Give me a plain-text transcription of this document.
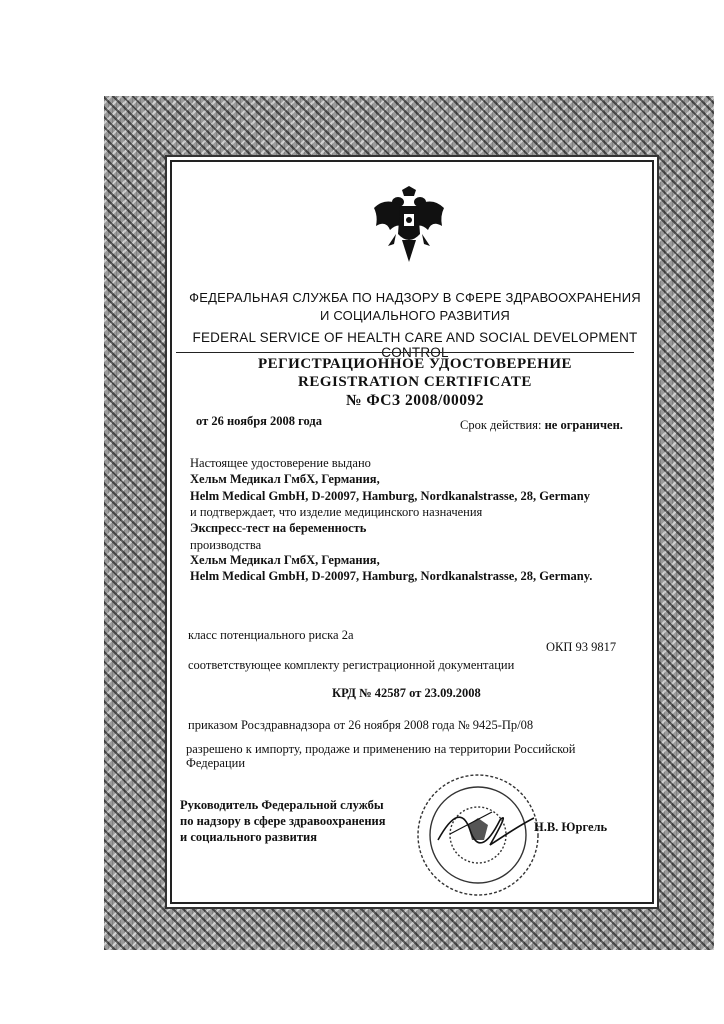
ФЕДЕРАЛЬНАЯ СЛУЖБА ПО НАДЗОРУ В СФЕРЕ ЗДРАВООХРАНЕНИЯ
И СОЦИАЛЬНОГО РАЗВИТИЯ
FEDERAL SERVICE OF HEALTH CARE AND SOCIAL DEVELOPMENT CONTROL
РЕГИСТРАЦИОННОЕ УДОСТОВЕРЕНИЕ
REGISTRATION CERTIFICATE
№ ФСЗ 2008/00092
от 26 ноября 2008 года	Срок действия: не ограничен.
Настоящее удостоверение выдано
Хельм Медикал ГмбХ, Германия,
Helm Medical GmbH, D-20097, Hamburg, Nordkanalstrasse, 28, Germany
и подтверждает, что изделие медицинского назначения
Экспресс-тест на беременность
производства
Хельм Медикал ГмбХ, Германия,
Helm Medical GmbH, D-20097, Hamburg, Nordkanalstrasse, 28, Germany.
класс потенциального риска 2а
ОКП 93 9817
соответствующее комплекту регистрационной документации
КРД № 42587 от 23.09.2008
приказом Росздравнадзора от 26 ноября 2008 года № 9425-Пр/08
разрешено к импорту, продаже и применению на территории Российской
Федерации
Руководитель Федеральной службы
по надзору в сфере здравоохранения
и социального развития
Н.В. Юргель
